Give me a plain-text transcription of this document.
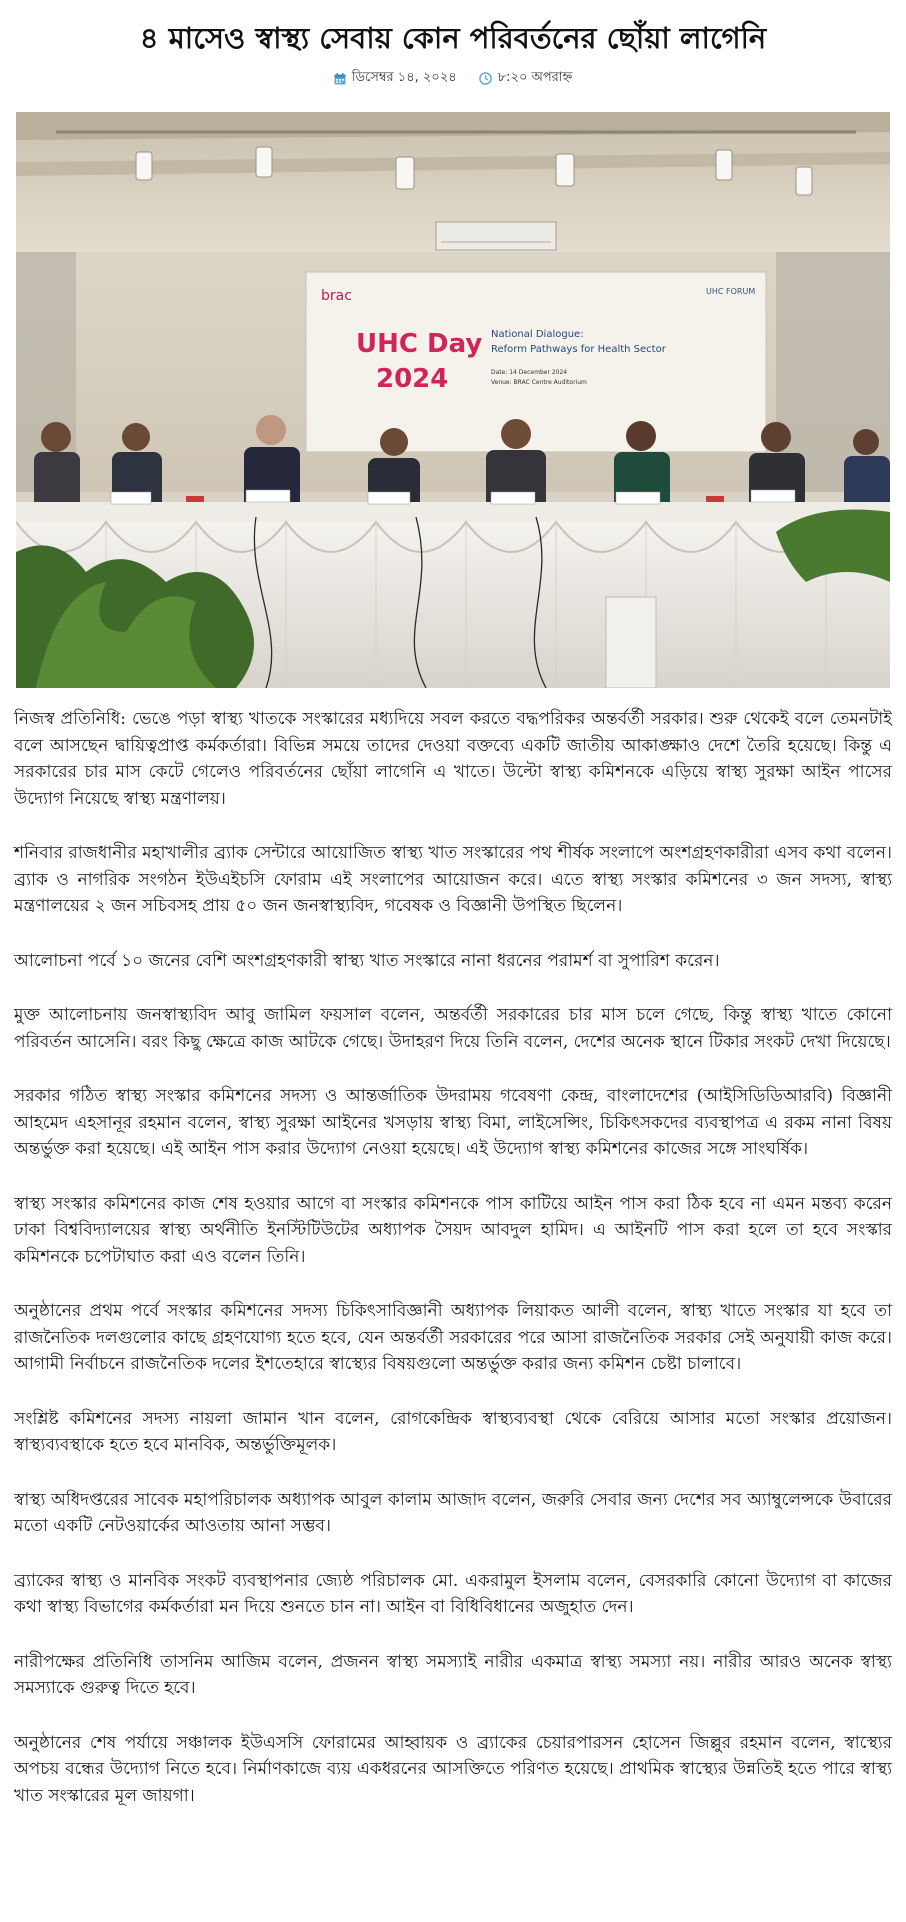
৪ মাসেও স্বাস্থ্য সেবায় কোন পরিবর্তনের ছোঁয়া লাগেনি
ডিসেম্বর ১৪, ২০২৪	৮:২০ অপরাহ্ন
brac	UHC FORUM
UHC Day
2024
National Dialogue:
Reform Pathways for Health Sector
Date: 14 December 2024
Venue: BRAC Centre Auditorium

নিজস্ব প্রতিনিধি: ভেঙে পড়া স্বাস্থ্য খাতকে সংস্কারের মধ্যদিয়ে সবল করতে বদ্ধপরিকর অন্তর্বর্তী সরকার। শুরু থেকেই বলে তেমনটাই বলে আসছেন দ্বায়িত্বপ্রাপ্ত কর্মকর্তারা। বিভিন্ন সময়ে তাদের দেওয়া বক্তব্যে একটি জাতীয় আকাঙ্ক্ষাও দেশে তৈরি হয়েছে। কিন্তু এ সরকারের চার মাস কেটে গেলেও পরিবর্তনের ছোঁয়া লাগেনি এ খাতে। উল্টো স্বাস্থ্য কমিশনকে এড়িয়ে স্বাস্থ্য সুরক্ষা আইন পাসের উদ্যোগ নিয়েছে স্বাস্থ্য মন্ত্রণালয়।

শনিবার রাজধানীর মহাখালীর ব্র্যাক সেন্টারে আয়োজিত স্বাস্থ্য খাত সংস্কারের পথ শীর্ষক সংলাপে অংশগ্রহণকারীরা এসব কথা বলেন। ব্র্যাক ও নাগরিক সংগঠন ইউএইচসি ফোরাম এই সংলাপের আয়োজন করে। এতে স্বাস্থ্য সংস্কার কমিশনের ৩ জন সদস্য, স্বাস্থ্য মন্ত্রণালয়ের ২ জন সচিবসহ প্রায় ৫০ জন জনস্বাস্থ্যবিদ, গবেষক ও বিজ্ঞানী উপস্থিত ছিলেন।

আলোচনা পর্বে ১০ জনের বেশি অংশগ্রহণকারী স্বাস্থ্য খাত সংস্কারে নানা ধরনের পরামর্শ বা সুপারিশ করেন।

মুক্ত আলোচনায় জনস্বাস্থ্যবিদ আবু জামিল ফয়সাল বলেন, অন্তর্বর্তী সরকারের চার মাস চলে গেছে, কিন্তু স্বাস্থ্য খাতে কোনো পরিবর্তন আসেনি। বরং কিছু ক্ষেত্রে কাজ আটকে গেছে। উদাহরণ দিয়ে তিনি বলেন, দেশের অনেক স্থানে টিকার সংকট দেখা দিয়েছে।

সরকার গঠিত স্বাস্থ্য সংস্কার কমিশনের সদস্য ও আন্তর্জাতিক উদরাময় গবেষণা কেন্দ্র, বাংলাদেশের (আইসিডিডিআরবি) বিজ্ঞানী আহমেদ এহসানূর রহমান বলেন, স্বাস্থ্য সুরক্ষা আইনের খসড়ায় স্বাস্থ্য বিমা, লাইসেন্সিং, চিকিৎসকদের ব্যবস্থাপত্র এ রকম নানা বিষয় অন্তর্ভুক্ত করা হয়েছে। এই আইন পাস করার উদ্যোগ নেওয়া হয়েছে। এই উদ্যোগ স্বাস্থ্য কমিশনের কাজের সঙ্গে সাংঘর্ষিক।

স্বাস্থ্য সংস্কার কমিশনের কাজ শেষ হওয়ার আগে বা সংস্কার কমিশনকে পাস কাটিয়ে আইন পাস করা ঠিক হবে না এমন মন্তব্য করেন ঢাকা বিশ্ববিদ্যালয়ের স্বাস্থ্য অর্থনীতি ইনস্টিটিউটের অধ্যাপক সৈয়দ আবদুল হামিদ। এ আইনটি পাস করা হলে তা হবে সংস্কার কমিশনকে চপেটাঘাত করা এও বলেন তিনি।

অনুষ্ঠানের প্রথম পর্বে সংস্কার কমিশনের সদস্য চিকিৎসাবিজ্ঞানী অধ্যাপক লিয়াকত আলী বলেন, স্বাস্থ্য খাতে সংস্কার যা হবে তা রাজনৈতিক দলগুলোর কাছে গ্রহণযোগ্য হতে হবে, যেন অন্তর্বর্তী সরকারের পরে আসা রাজনৈতিক সরকার সেই অনুযায়ী কাজ করে। আগামী নির্বাচনে রাজনৈতিক দলের ইশতেহারে স্বাস্থ্যের বিষয়গুলো অন্তর্ভুক্ত করার জন্য কমিশন চেষ্টা চালাবে।

সংশ্লিষ্ট কমিশনের সদস্য নায়লা জামান খান বলেন, রোগকেন্দ্রিক স্বাস্থ্যব্যবস্থা থেকে বেরিয়ে আসার মতো সংস্কার প্রয়োজন। স্বাস্থ্যব্যবস্থাকে হতে হবে মানবিক, অন্তর্ভুক্তিমূলক।

স্বাস্থ্য অধিদপ্তরের সাবেক মহাপরিচালক অধ্যাপক আবুল কালাম আজাদ বলেন, জরুরি সেবার জন্য দেশের সব অ্যাম্বুলেন্সকে উবারের মতো একটি নেটওয়ার্কের আওতায় আনা সম্ভব।

ব্র্যাকের স্বাস্থ্য ও মানবিক সংকট ব্যবস্থাপনার জ্যেষ্ঠ পরিচালক মো. একরামুল ইসলাম বলেন, বেসরকারি কোনো উদ্যোগ বা কাজের কথা স্বাস্থ্য বিভাগের কর্মকর্তারা মন দিয়ে শুনতে চান না। আইন বা বিধিবিধানের অজুহাত দেন।

নারীপক্ষের প্রতিনিধি তাসনিম আজিম বলেন, প্রজনন স্বাস্থ্য সমস্যাই নারীর একমাত্র স্বাস্থ্য সমস্যা নয়। নারীর আরও অনেক স্বাস্থ্য সমস্যাকে গুরুত্ব দিতে হবে।

অনুষ্ঠানের শেষ পর্যায়ে সঞ্চালক ইউএসসি ফোরামের আহ্বায়ক ও ব্র্যাকের চেয়ারপারসন হোসেন জিল্লুর রহমান বলেন, স্বাস্থ্যের অপচয় বন্ধের উদ্যোগ নিতে হবে। নির্মাণকাজে ব্যয় একধরনের আসক্তিতে পরিণত হয়েছে। প্রাথমিক স্বাস্থ্যের উন্নতিই হতে পারে স্বাস্থ্য খাত সংস্কারের মূল জায়গা।
